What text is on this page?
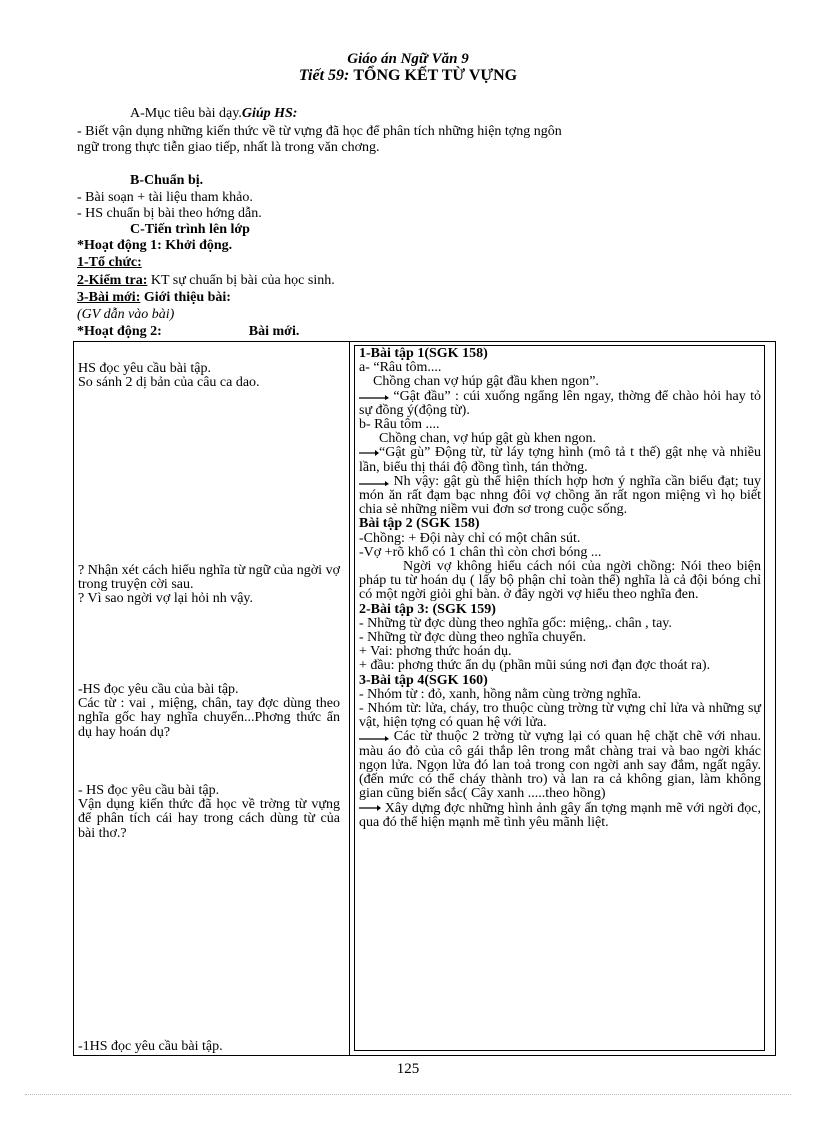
Giáo án Ngữ Văn 9
Tiết 59: TỔNG KẾT TỪ VỰNG
A-Mục tiêu bài dạy.Giúp HS:
- Biết vận dụng những kiến thức về từ vựng đã học để phân tích những hiện tợng ngôn
ngữ trong thực tiễn giao tiếp, nhất là trong văn chơng.
B-Chuẩn bị.
- Bài soạn + tài liệu tham khảo.
- HS chuẩn bị bài theo hớng dẫn.
C-Tiến trình lên lớp
*Hoạt động 1: Khởi động.
1-Tổ chức:
2-Kiểm tra: KT sự chuẩn bị bài của học sinh.
3-Bài mới: Giới thiệu bài:
(GV dẫn vào bài)
*Hoạt động 2:	Bài mới.

HS đọc yêu cầu bài tập.

So sánh 2 dị bản của câu ca dao.

? Nhận xét cách hiểu nghĩa từ ngữ của ngời vợ trong truyện cời sau.

? Vì sao ngời vợ lại hỏi nh vậy.

-HS đọc yêu cầu của bài tập.

Các từ : vai , miệng, chân, tay đợc dùng theo nghĩa gốc hay nghĩa chuyển...Phơng thức ẩn dụ hay hoán dụ?

- HS đọc yêu cầu bài tập.

Vận dụng kiến thức đã học về trờng từ vựng để phân tích cái hay trong cách dùng từ của bài thơ.?

-1HS đọc yêu cầu bài tập.

1-Bài tập 1(SGK 158)

a- “Râu tôm....

Chồng chan vợ húp gật đầu khen ngon”.

“Gật đầu” : cúi xuống ngẩng lên ngay, thờng để chào hỏi hay tỏ sự đồng ý(động từ).

b- Râu tôm ....

Chồng chan, vợ húp gật gù khen ngon.

“Gật gù” Động từ, từ láy tợng hình (mô tả t thế) gật nhẹ và nhiều lần, biểu thị thái độ đồng tình, tán thởng.

Nh vậy: gật gù thể hiện thích hợp hơn ý nghĩa cần biểu đạt; tuy món ăn rất đạm bạc nhng đôi vợ chồng ăn rất ngon miệng vì họ biết chia sẻ những niềm vui đơn sơ trong cuộc sống.

Bài tập 2 (SGK 158)

-Chồng: + Đội này chỉ có một chân sút.

-Vợ +rõ khổ có 1 chân thì còn chơi bóng ...

Ngời vợ không hiểu cách nói của ngời chồng: Nói theo biện pháp tu từ hoán dụ ( lấy bộ phận chỉ toàn thể) nghĩa là cả đội bóng chỉ có một ngời giỏi ghi bàn. ở đây ngời vợ hiểu theo nghĩa đen.

2-Bài tập 3: (SGK 159)

- Những từ đợc dùng theo nghĩa gốc: miệng,. chân , tay.

- Những từ đợc dùng theo nghĩa chuyển.

+ Vai: phơng thức hoán dụ.

+ đầu: phơng thức ẩn dụ (phần mũi súng nơi đạn đợc thoát ra).

3-Bài tập 4(SGK 160)

- Nhóm từ : đỏ, xanh, hồng nằm cùng trờng nghĩa.

- Nhóm từ: lửa, cháy, tro thuộc cùng trờng từ vựng chỉ lửa và những sự vật, hiện tợng có quan hệ với lửa.

Các từ thuộc 2 trờng từ vựng lại có quan hệ chặt chẽ với nhau. màu áo đỏ của cô gái thắp lên trong mắt chàng trai và bao ngời khác ngọn lửa. Ngọn lửa đó lan toả trong con ngời anh say đắm, ngất ngây.(đến mức có thể cháy thành tro) và lan ra cả không gian, làm không gian cũng biến sắc( Cây xanh .....theo hồng)

Xây dựng đợc những hình ảnh gây ấn tợng mạnh mẽ với ngời đọc, qua đó thể hiện mạnh mẽ tình yêu mãnh liệt.

125
